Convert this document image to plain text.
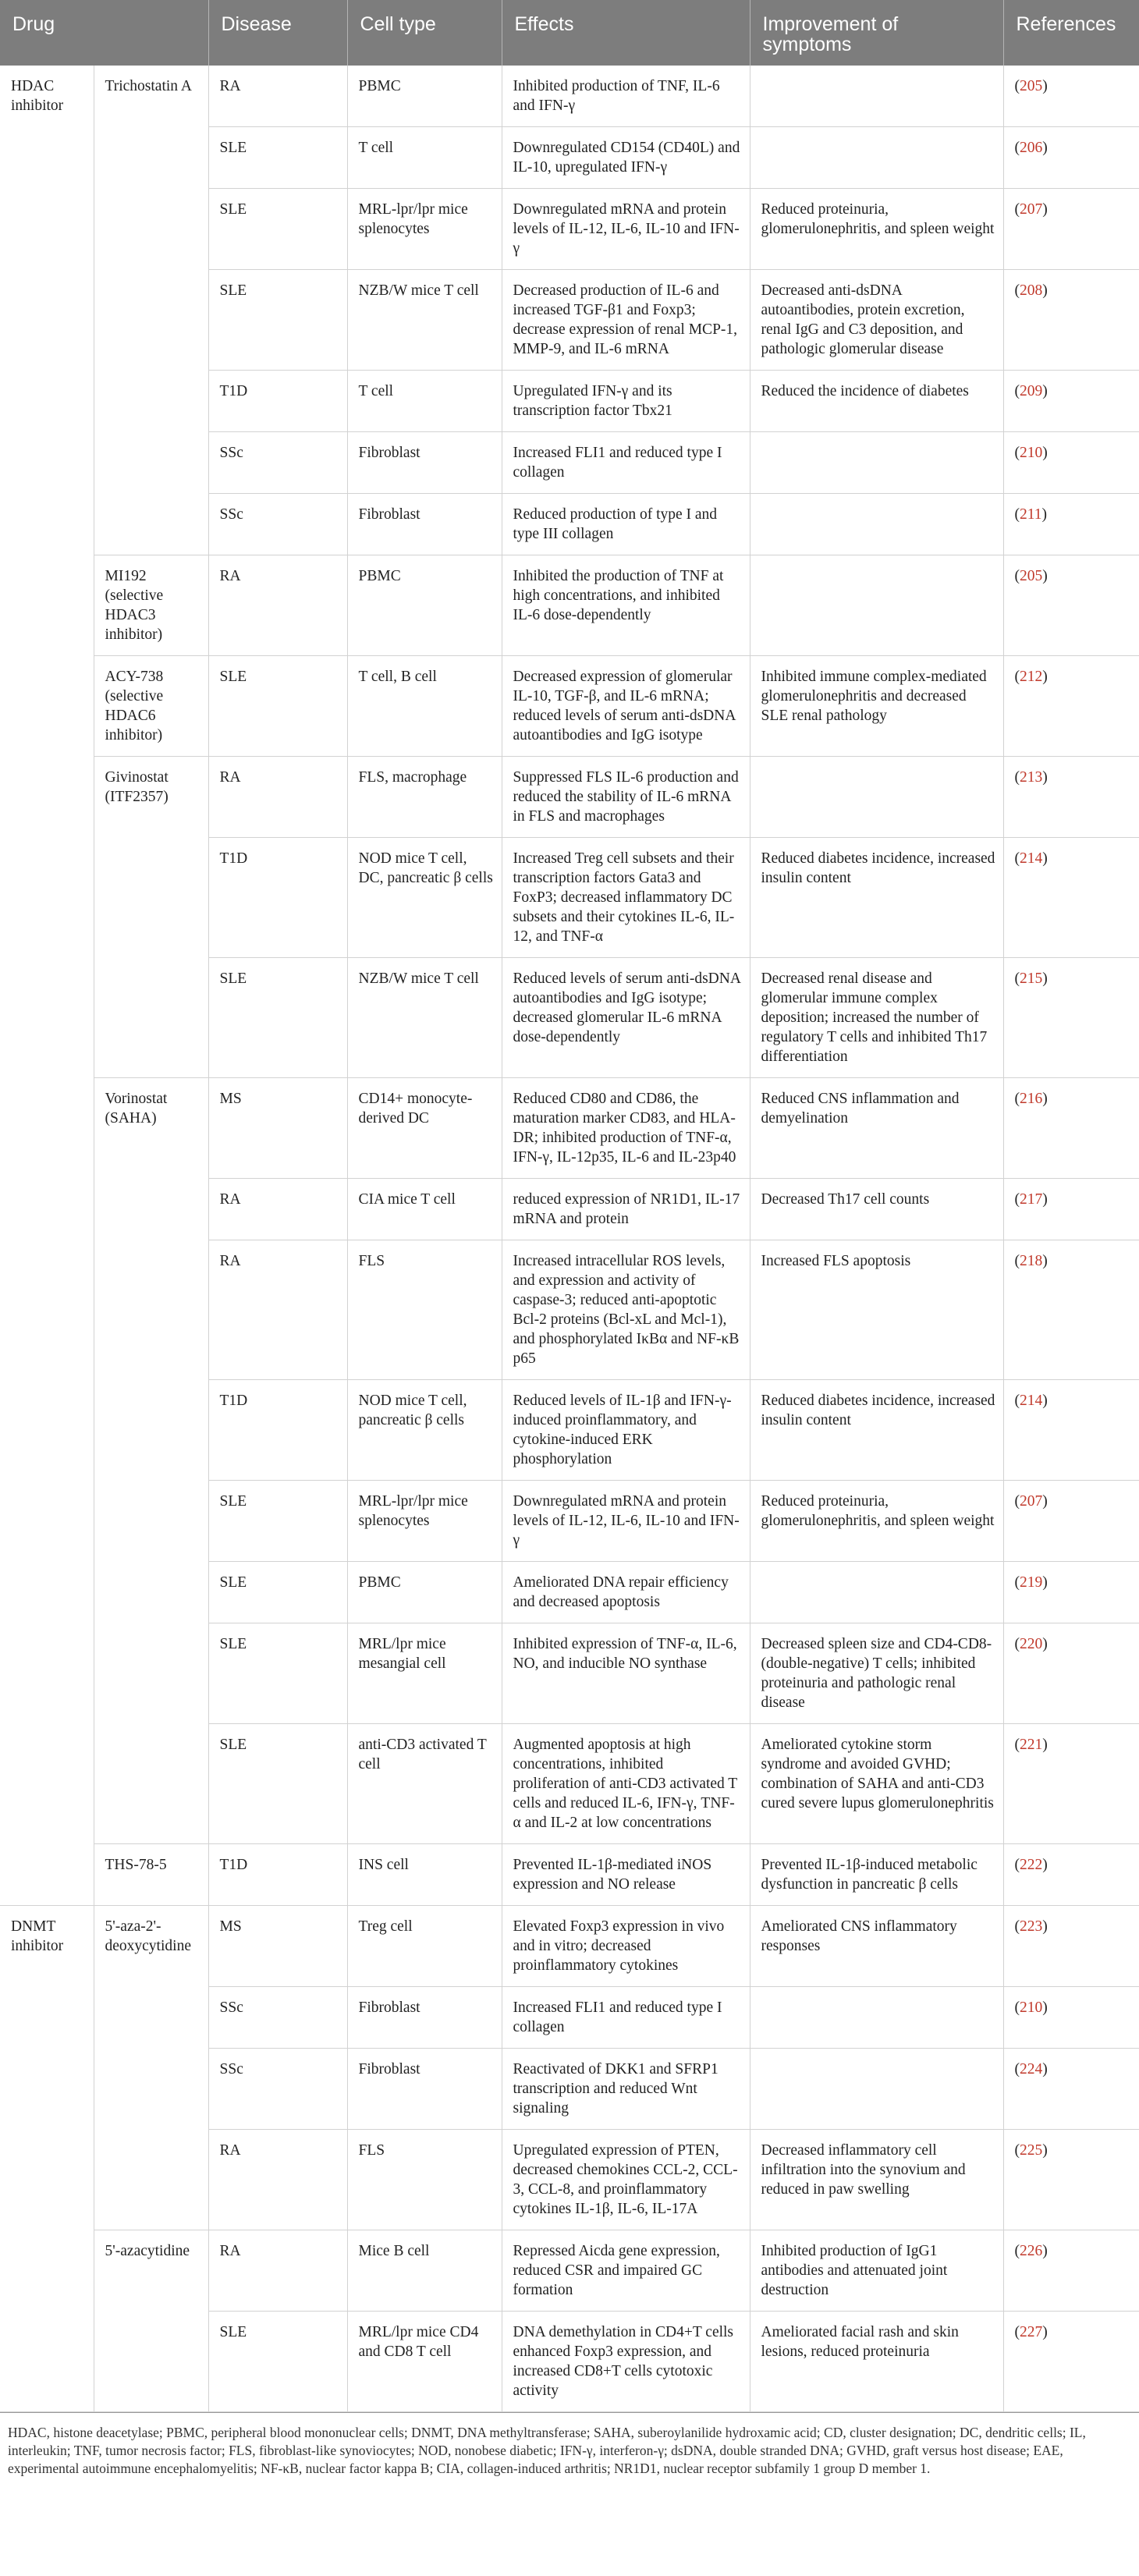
Drug		Disease	Cell type	Effects	Improvement of symptoms	References
HDAC inhibitor	Trichostatin A	RA	PBMC	Inhibited production of TNF, IL-6 and IFN-γ		(205)
		SLE	T cell	Downregulated CD154 (CD40L) and IL-10, upregulated IFN-γ		(206)
		SLE	MRL-lpr/lpr mice splenocytes	Downregulated mRNA and protein levels of IL-12, IL-6, IL-10 and IFN-γ	Reduced proteinuria, glomerulonephritis, and spleen weight	(207)
		SLE	NZB/W mice T cell	Decreased production of IL-6 and increased TGF-β1 and Foxp3; decrease expression of renal MCP-1, MMP-9, and IL-6 mRNA	Decreased anti-dsDNA autoantibodies, protein excretion, renal IgG and C3 deposition, and pathologic glomerular disease	(208)
		T1D	T cell	Upregulated IFN-γ and its transcription factor Tbx21	Reduced the incidence of diabetes	(209)
		SSc	Fibroblast	Increased FLI1 and reduced type I collagen		(210)
		SSc	Fibroblast	Reduced production of type I and type III collagen		(211)
	MI192 (selective HDAC3 inhibitor)	RA	PBMC	Inhibited the production of TNF at high concentrations, and inhibited IL-6 dose-dependently		(205)
	ACY-738 (selective HDAC6 inhibitor)	SLE	T cell, B cell	Decreased expression of glomerular IL-10, TGF-β, and IL-6 mRNA; reduced levels of serum anti-dsDNA autoantibodies and IgG isotype	Inhibited immune complex-mediated glomerulonephritis and decreased SLE renal pathology	(212)
	Givinostat (ITF2357)	RA	FLS, macrophage	Suppressed FLS IL-6 production and reduced the stability of IL-6 mRNA in FLS and macrophages		(213)
		T1D	NOD mice T cell, DC, pancreatic β cells	Increased Treg cell subsets and their transcription factors Gata3 and FoxP3; decreased inflammatory DC subsets and their cytokines IL-6, IL-12, and TNF-α	Reduced diabetes incidence, increased insulin content	(214)
		SLE	NZB/W mice T cell	Reduced levels of serum anti-dsDNA autoantibodies and IgG isotype; decreased glomerular IL-6 mRNA dose-dependently	Decreased renal disease and glomerular immune complex deposition; increased the number of regulatory T cells and inhibited Th17 differentiation	(215)
	Vorinostat (SAHA)	MS	CD14+ monocyte-derived DC	Reduced CD80 and CD86, the maturation marker CD83, and HLA-DR; inhibited production of TNF-α, IFN-γ, IL-12p35, IL-6 and IL-23p40	Reduced CNS inflammation and demyelination	(216)
		RA	CIA mice T cell	reduced expression of NR1D1, IL-17 mRNA and protein	Decreased Th17 cell counts	(217)
		RA	FLS	Increased intracellular ROS levels, and expression and activity of caspase-3; reduced anti-apoptotic Bcl-2 proteins (Bcl-xL and Mcl-1), and phosphorylated IκBα and NF-κB p65	Increased FLS apoptosis	(218)
		T1D	NOD mice T cell, pancreatic β cells	Reduced levels of IL-1β and IFN-γ-induced proinflammatory, and cytokine-induced ERK phosphorylation	Reduced diabetes incidence, increased insulin content	(214)
		SLE	MRL-lpr/lpr mice splenocytes	Downregulated mRNA and protein levels of IL-12, IL-6, IL-10 and IFN-γ	Reduced proteinuria, glomerulonephritis, and spleen weight	(207)
		SLE	PBMC	Ameliorated DNA repair efficiency and decreased apoptosis		(219)
		SLE	MRL/lpr mice mesangial cell	Inhibited expression of TNF-α, IL-6, NO, and inducible NO synthase	Decreased spleen size and CD4-CD8- (double-negative) T cells; inhibited proteinuria and pathologic renal disease	(220)
		SLE	anti-CD3 activated T cell	Augmented apoptosis at high concentrations, inhibited proliferation of anti-CD3 activated T cells and reduced IL-6, IFN-γ, TNF-α and IL-2 at low concentrations	Ameliorated cytokine storm syndrome and avoided GVHD; combination of SAHA and anti-CD3 cured severe lupus glomerulonephritis	(221)
	THS-78-5	T1D	INS cell	Prevented IL-1β-mediated iNOS expression and NO release	Prevented IL-1β-induced metabolic dysfunction in pancreatic β cells	(222)
DNMT inhibitor	5'-aza-2'-deoxycytidine	MS	Treg cell	Elevated Foxp3 expression in vivo and in vitro; decreased proinflammatory cytokines	Ameliorated CNS inflammatory responses	(223)
		SSc	Fibroblast	Increased FLI1 and reduced type I collagen		(210)
		SSc	Fibroblast	Reactivated of DKK1 and SFRP1 transcription and reduced Wnt signaling		(224)
		RA	FLS	Upregulated expression of PTEN, decreased chemokines CCL-2, CCL-3, CCL-8, and proinflammatory cytokines IL-1β, IL-6, IL-17A	Decreased inflammatory cell infiltration into the synovium and reduced in paw swelling	(225)
	5'-azacytidine	RA	Mice B cell	Repressed Aicda gene expression, reduced CSR and impaired GC formation	Inhibited production of IgG1 antibodies and attenuated joint destruction	(226)
		SLE	MRL/lpr mice CD4 and CD8 T cell	DNA demethylation in CD4+T cells enhanced Foxp3 expression, and increased CD8+T cells cytotoxic activity	Ameliorated facial rash and skin lesions, reduced proteinuria	(227)
HDAC, histone deacetylase; PBMC, peripheral blood mononuclear cells; DNMT, DNA methyltransferase; SAHA, suberoylanilide hydroxamic acid; CD, cluster designation; DC, dendritic cells; IL, interleukin; TNF, tumor necrosis factor; FLS, fibroblast-like synoviocytes; NOD, nonobese diabetic; IFN-γ, interferon-γ; dsDNA, double stranded DNA; GVHD, graft versus host disease; EAE, experimental autoimmune encephalomyelitis; NF-κB, nuclear factor kappa B; CIA, collagen-induced arthritis; NR1D1, nuclear receptor subfamily 1 group D member 1.
